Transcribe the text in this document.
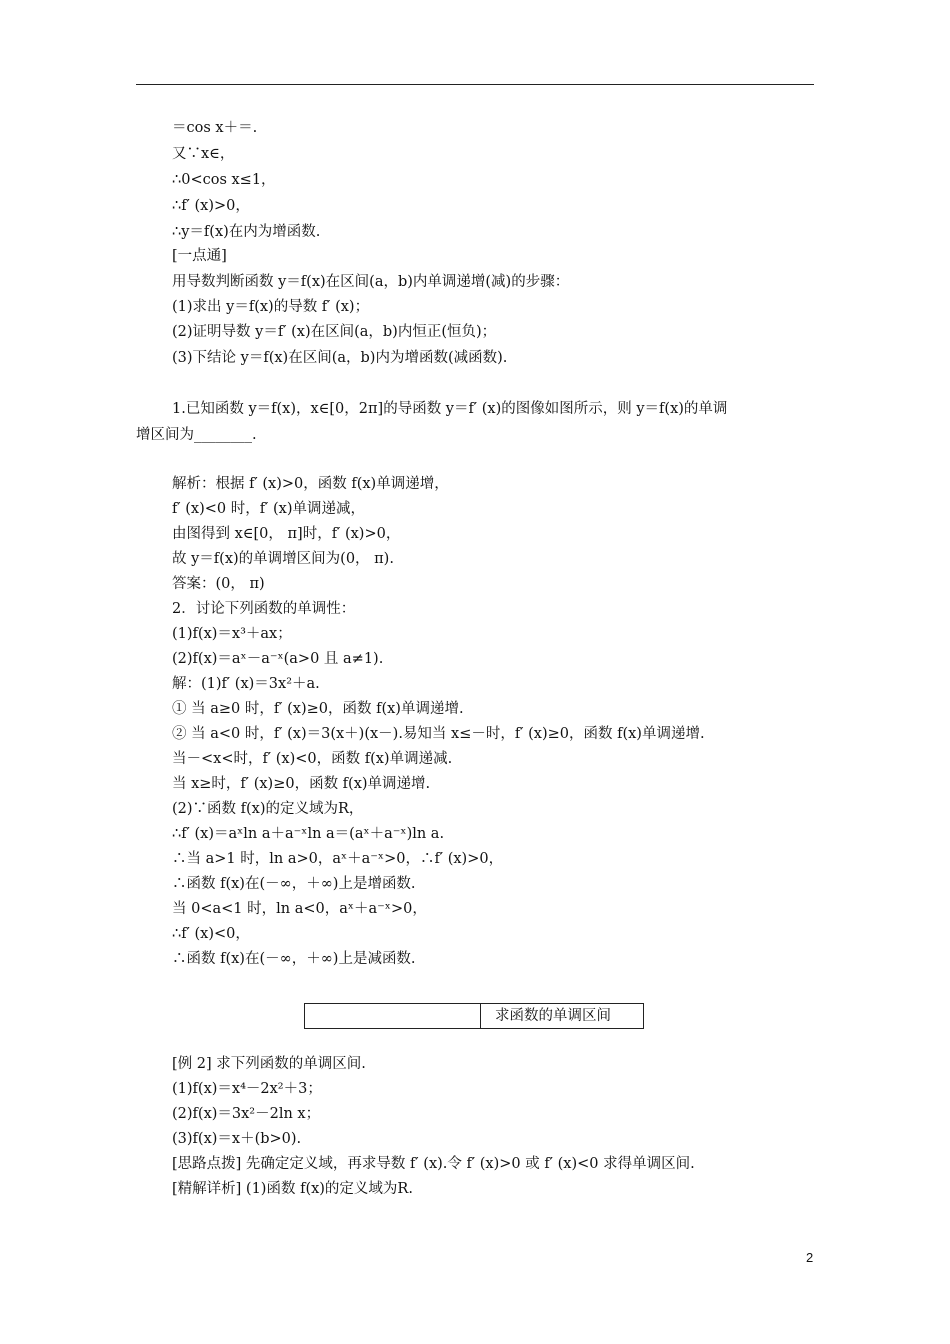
＝cos x＋＝.
又∵x∈，
∴0<cos x≤1，
∴f′ (x)>0，
∴y＝f(x)在内为增函数.
[一点通]
用导数判断函数 y＝f(x)在区间(a，b)内单调递增(减)的步骤：
(1)求出 y＝f(x)的导数 f′ (x)；
(2)证明导数 y＝f′ (x)在区间(a，b)内恒正(恒负)；
(3)下结论 y＝f(x)在区间(a，b)内为增函数(减函数).
1.已知函数 y＝f(x)，x∈[0，2π]的导函数 y＝f′ (x)的图像如图所示，则 y＝f(x)的单调
增区间为________.
解析：根据 f′ (x)>0，函数 f(x)单调递增，
f′ (x)<0 时，f′ (x)单调递减，
由图得到 x∈[0， π]时，f′ (x)>0，
故 y＝f(x)的单调增区间为(0， π).
答案：(0， π)
2．讨论下列函数的单调性：
(1)f(x)＝x³＋ax；
(2)f(x)＝aˣ－a⁻ˣ(a>0 且 a≠1).
解：(1)f′ (x)＝3x²＋a.
① 当 a≥0 时，f′ (x)≥0，函数 f(x)单调递增.
② 当 a<0 时，f′ (x)＝3(x＋)(x－).易知当 x≤－时，f′ (x)≥0，函数 f(x)单调递增.
当－<x<时，f′ (x)<0，函数 f(x)单调递减.
当 x≥时，f′ (x)≥0，函数 f(x)单调递增.
(2)∵函数 f(x)的定义域为R，
∴f′ (x)＝aˣln a＋a⁻ˣln a＝(aˣ＋a⁻ˣ)ln a.
∴当 a>1 时，ln a>0，aˣ＋a⁻ˣ>0，∴f′ (x)>0，
∴函数 f(x)在(－∞，＋∞)上是增函数.
当 0<a<1 时，ln a<0，aˣ＋a⁻ˣ>0，
∴f′ (x)<0，
∴函数 f(x)在(－∞，＋∞)上是减函数.
求函数的单调区间
[例 2] 求下列函数的单调区间.
(1)f(x)＝x⁴－2x²＋3；
(2)f(x)＝3x²－2ln x；
(3)f(x)＝x＋(b>0).
[思路点拨] 先确定定义域，再求导数 f′ (x).令 f′ (x)>0 或 f′ (x)<0 求得单调区间.
[精解详析] (1)函数 f(x)的定义域为R.
2
